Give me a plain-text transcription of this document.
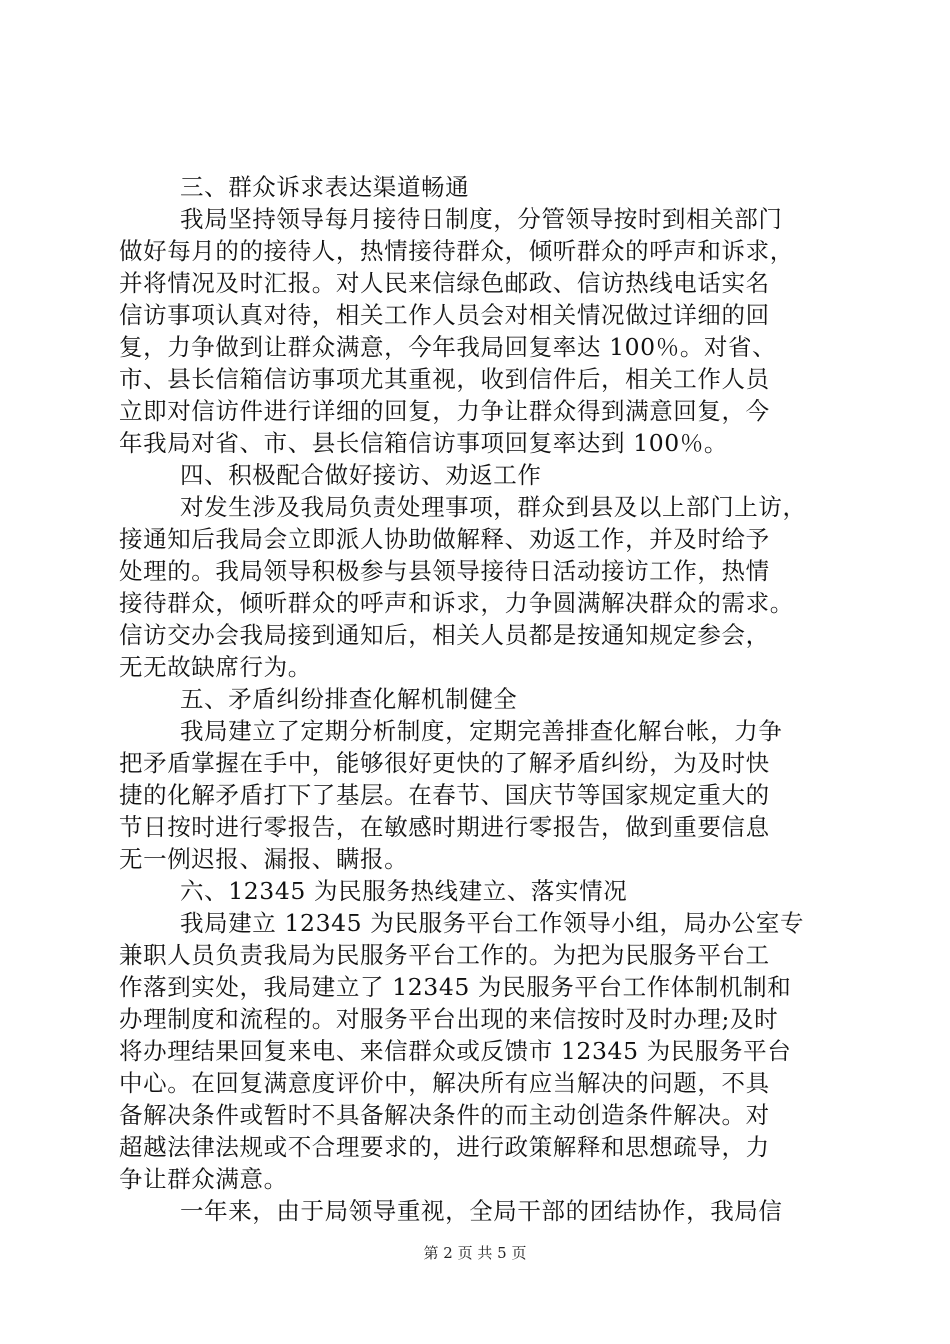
三、群众诉求表达渠道畅通
我局坚持领导每月接待日制度，分管领导按时到相关部门
做好每月的的接待人，热情接待群众，倾听群众的呼声和诉求，
并将情况及时汇报。对人民来信绿色邮政、信访热线电话实名
信访事项认真对待，相关工作人员会对相关情况做过详细的回
复，力争做到让群众满意，今年我局回复率达 100％。对省、
市、县长信箱信访事项尤其重视，收到信件后，相关工作人员
立即对信访件进行详细的回复，力争让群众得到满意回复，今
年我局对省、市、县长信箱信访事项回复率达到 100％。
四、积极配合做好接访、劝返工作
对发生涉及我局负责处理事项，群众到县及以上部门上访，
接通知后我局会立即派人协助做解释、劝返工作，并及时给予
处理的。我局领导积极参与县领导接待日活动接访工作，热情
接待群众，倾听群众的呼声和诉求，力争圆满解决群众的需求。
信访交办会我局接到通知后，相关人员都是按通知规定参会，
无无故缺席行为。
五、矛盾纠纷排查化解机制健全
我局建立了定期分析制度，定期完善排查化解台帐，力争
把矛盾掌握在手中，能够很好更快的了解矛盾纠纷，为及时快
捷的化解矛盾打下了基层。在春节、国庆节等国家规定重大的
节日按时进行零报告，在敏感时期进行零报告，做到重要信息
无一例迟报、漏报、瞒报。
六、12345 为民服务热线建立、落实情况
我局建立 12345 为民服务平台工作领导小组，局办公室专
兼职人员负责我局为民服务平台工作的。为把为民服务平台工
作落到实处，我局建立了 12345 为民服务平台工作体制机制和
办理制度和流程的。对服务平台出现的来信按时及时办理;及时
将办理结果回复来电、来信群众或反馈市 12345 为民服务平台
中心。在回复满意度评价中，解决所有应当解决的问题，不具
备解决条件或暂时不具备解决条件的而主动创造条件解决。对
超越法律法规或不合理要求的，进行政策解释和思想疏导，力
争让群众满意。
一年来，由于局领导重视，全局干部的团结协作，我局信
第 2 页 共 5 页
